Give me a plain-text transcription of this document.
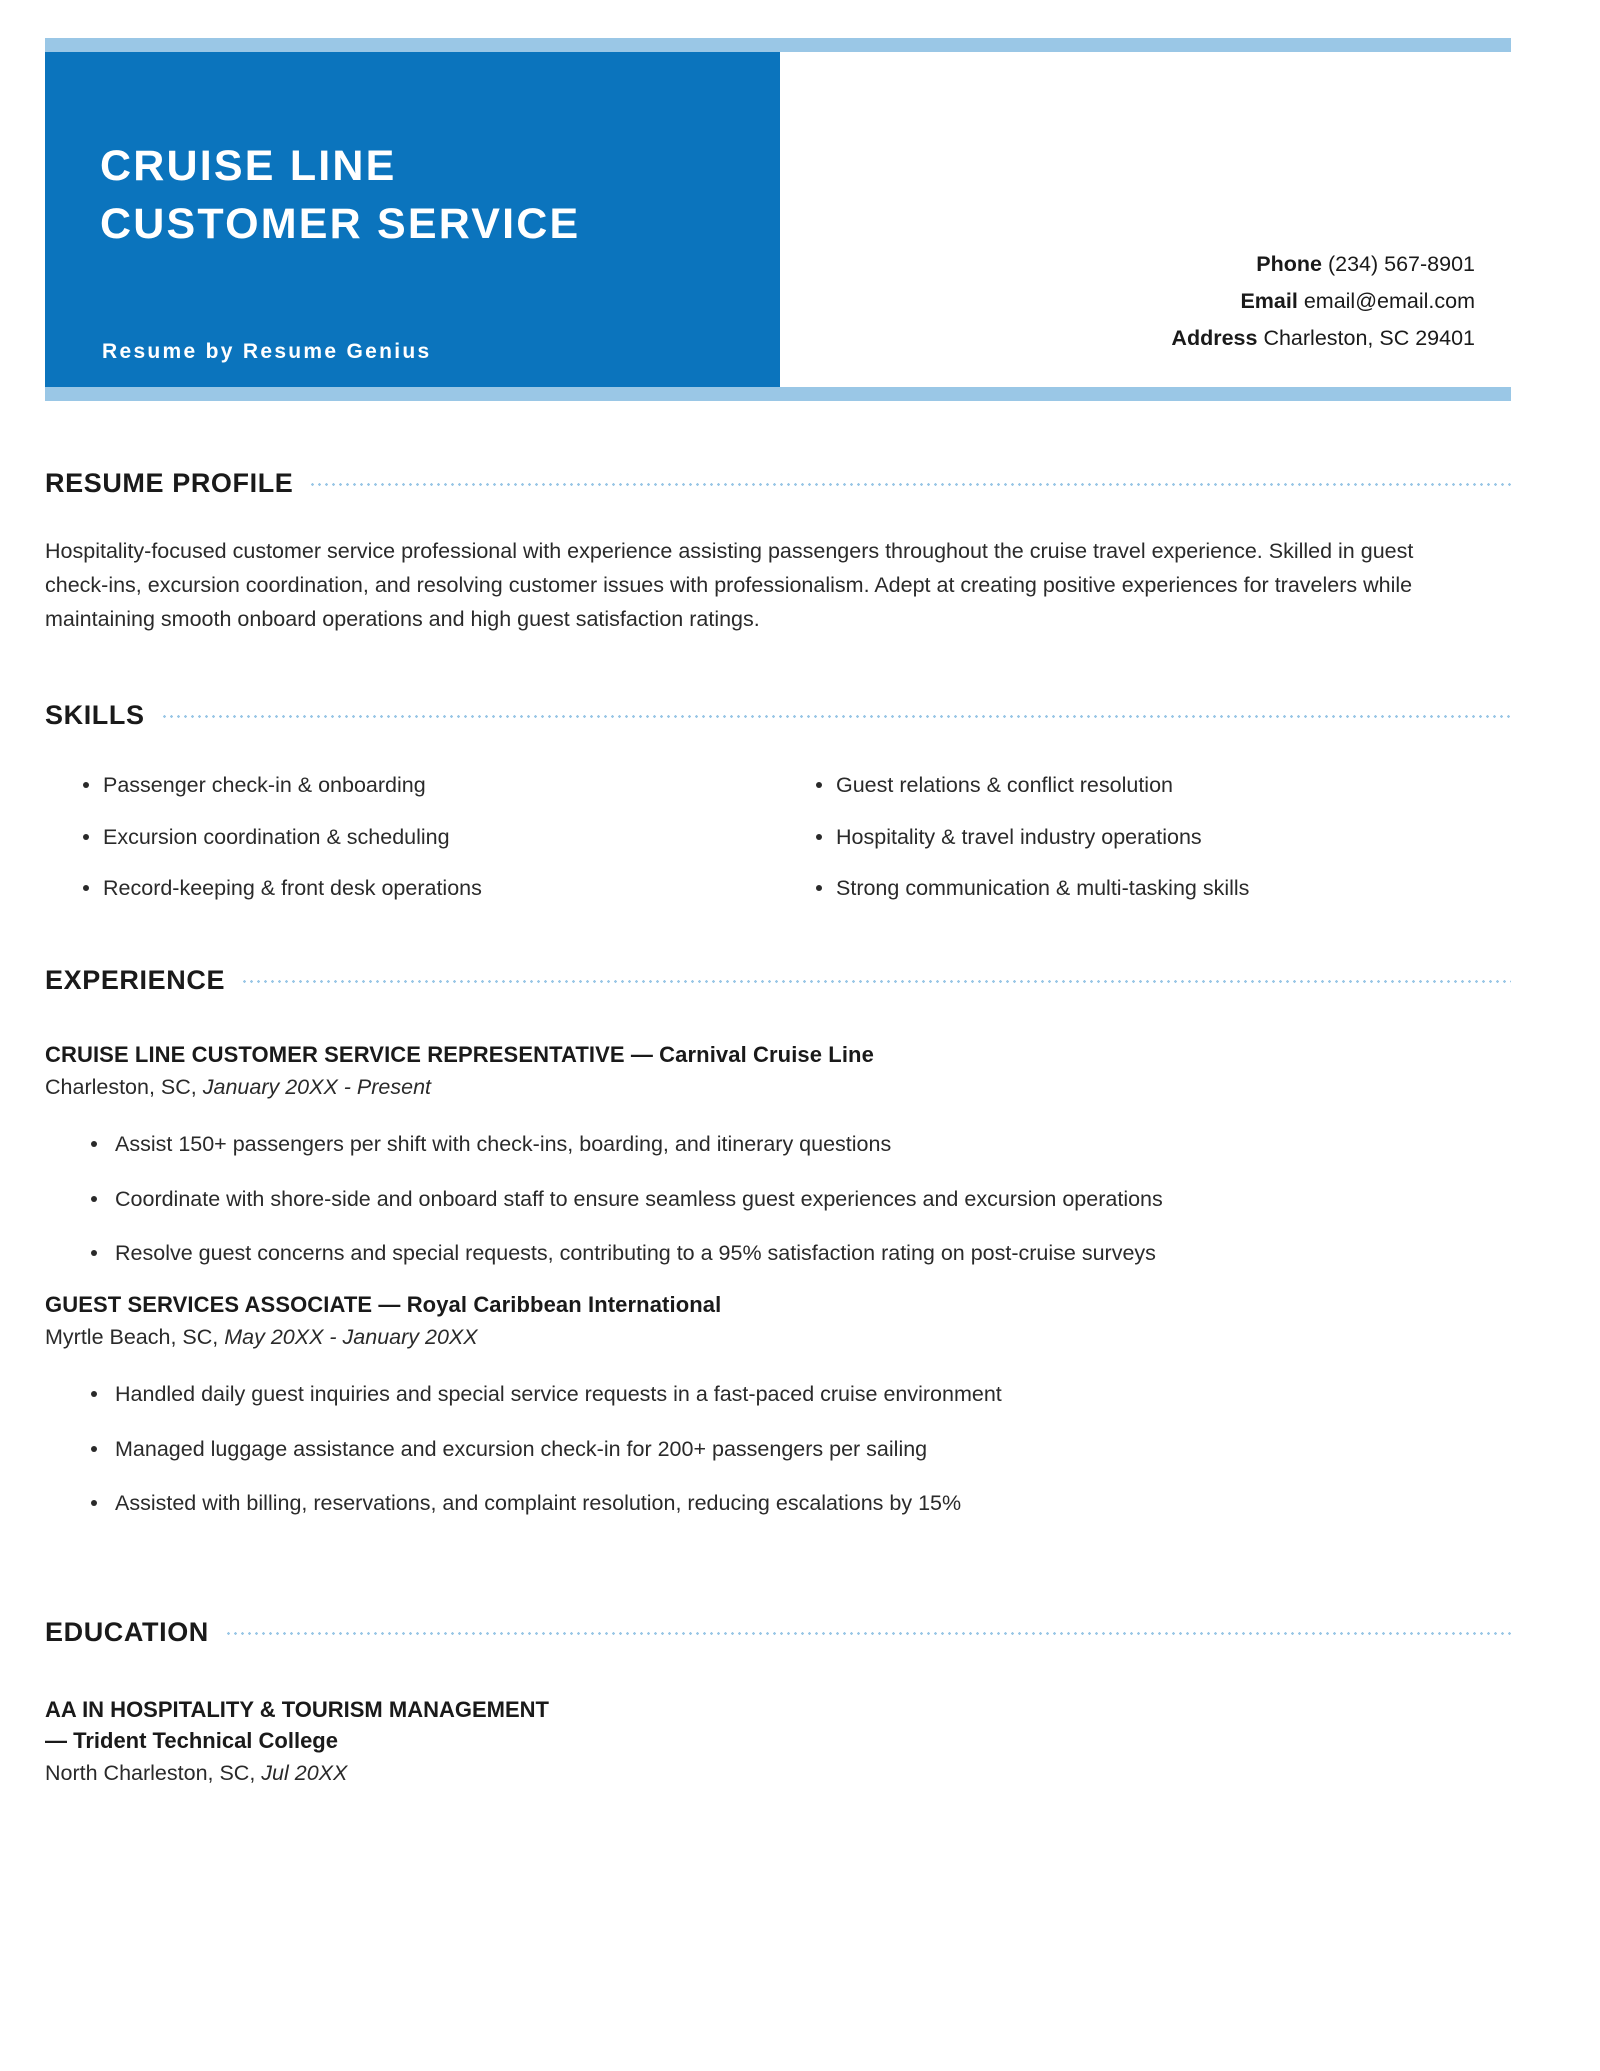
CRUISE LINE
CUSTOMER SERVICE
Resume by Resume Genius
Phone (234) 567-8901
Email email@email.com
Address Charleston, SC 29401
RESUME PROFILE
Hospitality-focused customer service professional with experience assisting passengers throughout the cruise travel experience. Skilled in guest check-ins, excursion coordination, and resolving customer issues with professionalism. Adept at creating positive experiences for travelers while maintaining smooth onboard operations and high guest satisfaction ratings.
SKILLS
Passenger check-in & onboarding
Excursion coordination & scheduling
Record-keeping & front desk operations
Guest relations & conflict resolution
Hospitality & travel industry operations
Strong communication & multi-tasking skills
EXPERIENCE
CRUISE LINE CUSTOMER SERVICE REPRESENTATIVE — Carnival Cruise Line
Charleston, SC, January 20XX - Present
Assist 150+ passengers per shift with check-ins, boarding, and itinerary questions
Coordinate with shore-side and onboard staff to ensure seamless guest experiences and excursion operations
Resolve guest concerns and special requests, contributing to a 95% satisfaction rating on post-cruise surveys
GUEST SERVICES ASSOCIATE — Royal Caribbean International
Myrtle Beach, SC, May 20XX - January 20XX
Handled daily guest inquiries and special service requests in a fast-paced cruise environment
Managed luggage assistance and excursion check-in for 200+ passengers per sailing
Assisted with billing, reservations, and complaint resolution, reducing escalations by 15%
EDUCATION
AA IN HOSPITALITY & TOURISM MANAGEMENT
— Trident Technical College
North Charleston, SC, Jul 20XX
